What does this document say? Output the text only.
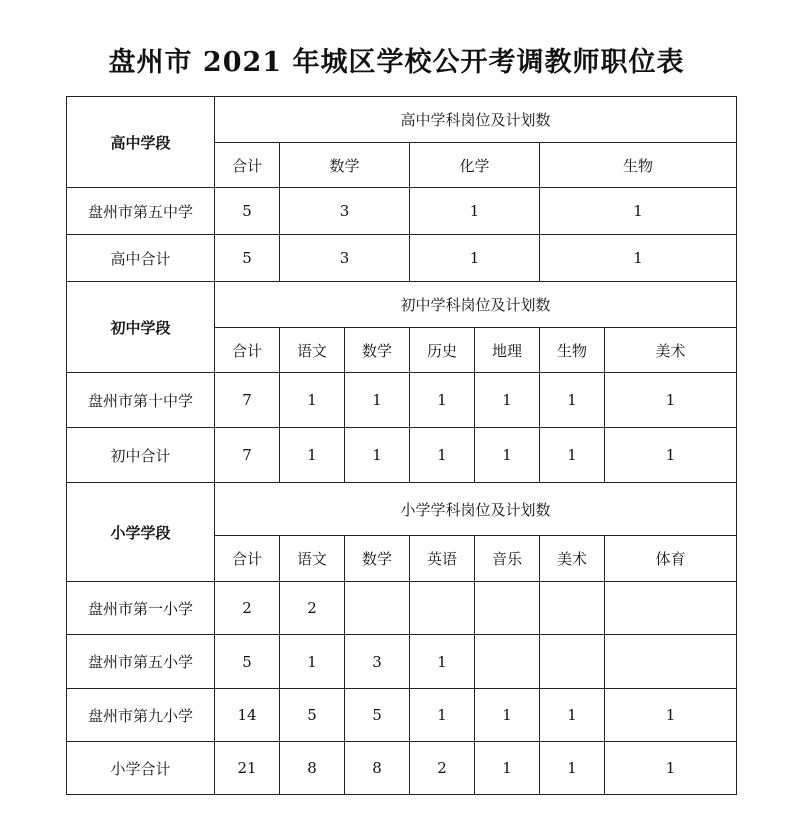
盘州市 2021 年城区学校公开考调教师职位表
高中学段	高中学科岗位及计划数							
	合计	数学		化学		生物		
盘州市第五中学	5	3		1		1		
高中合计	5	3		1		1		
初中学段	初中学科岗位及计划数							
	合计	语文	数学	历史	地理	生物	美术	
盘州市第十中学	7	1	1	1	1	1	1	
初中合计	7	1	1	1	1	1	1	
小学学段	小学学科岗位及计划数							
	合计	语文	数学	英语	音乐	美术	体育	
盘州市第一小学	2	2						
盘州市第五小学	5	1	3	1				
盘州市第九小学	14	5	5	1	1	1	1	
小学合计	21	8	8	2	1	1	1	
